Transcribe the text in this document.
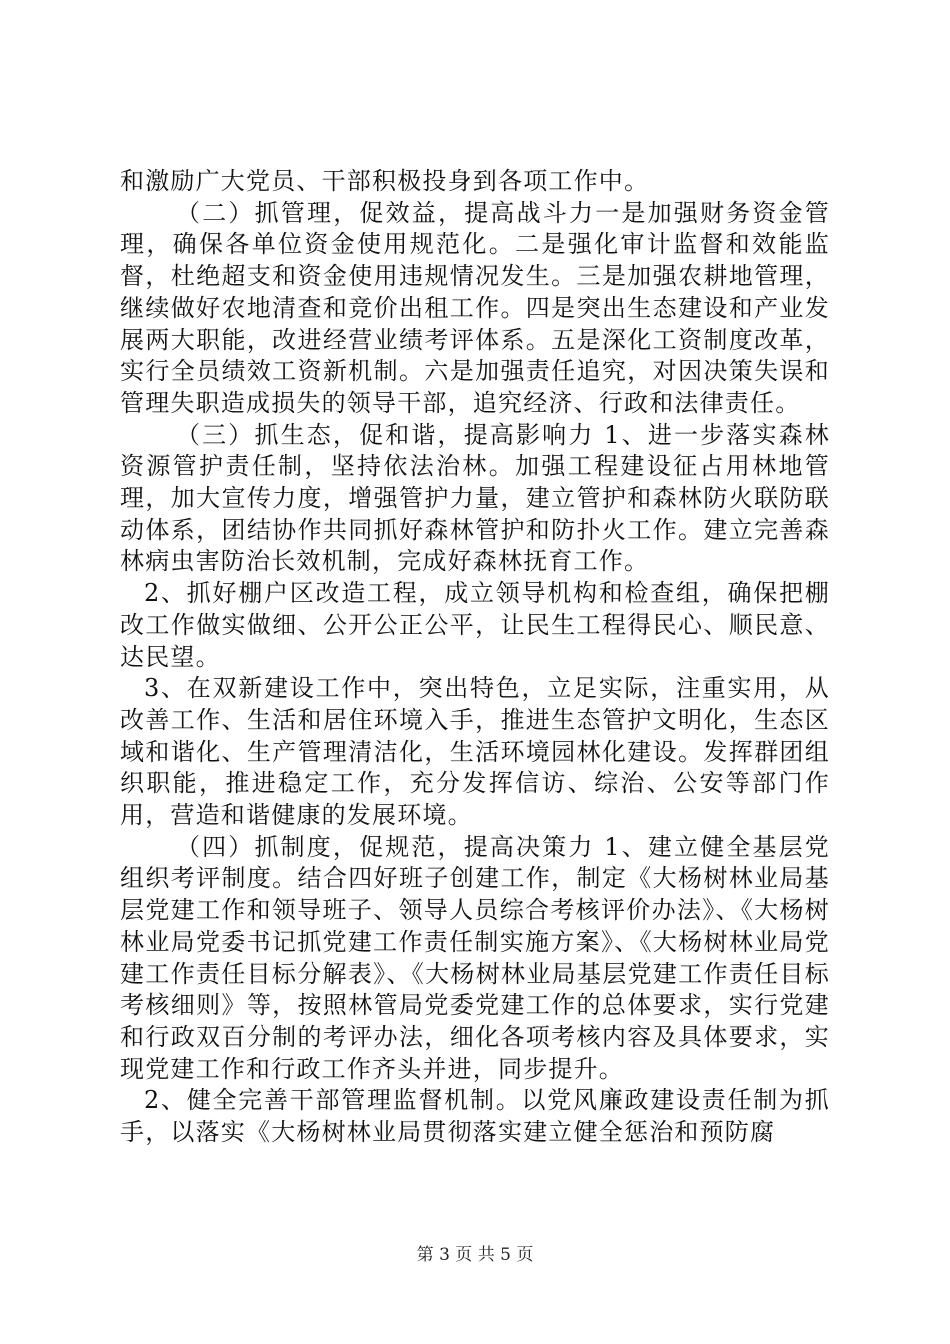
和激励广大党员、干部积极投身到各项工作中。

（二）抓管理，促效益，提高战斗力一是加强财务资金管理，确保各单位资金使用规范化。二是强化审计监督和效能监督，杜绝超支和资金使用违规情况发生。三是加强农耕地管理，继续做好农地清查和竞价出租工作。四是突出生态建设和产业发展两大职能，改进经营业绩考评体系。五是深化工资制度改革，实行全员绩效工资新机制。六是加强责任追究，对因决策失误和管理失职造成损失的领导干部，追究经济、行政和法律责任。

（三）抓生态，促和谐，提高影响力 1、进一步落实森林资源管护责任制，坚持依法治林。加强工程建设征占用林地管理，加大宣传力度，增强管护力量，建立管护和森林防火联防联动体系，团结协作共同抓好森林管护和防扑火工作。建立完善森林病虫害防治长效机制，完成好森林抚育工作。

2、抓好棚户区改造工程，成立领导机构和检查组，确保把棚改工作做实做细、公开公正公平，让民生工程得民心、顺民意、达民望。

3、在双新建设工作中，突出特色，立足实际，注重实用，从改善工作、生活和居住环境入手，推进生态管护文明化，生态区域和谐化、生产管理清洁化，生活环境园林化建设。发挥群团组织职能，推进稳定工作，充分发挥信访、综治、公安等部门作用，营造和谐健康的发展环境。

（四）抓制度，促规范，提高决策力 1、建立健全基层党组织考评制度。结合四好班子创建工作，制定《大杨树林业局基层党建工作和领导班子、领导人员综合考核评价办法》、《大杨树林业局党委书记抓党建工作责任制实施方案》、《大杨树林业局党建工作责任目标分解表》、《大杨树林业局基层党建工作责任目标考核细则》等，按照林管局党委党建工作的总体要求，实行党建和行政双百分制的考评办法，细化各项考核内容及具体要求，实现党建工作和行政工作齐头并进，同步提升。

2、健全完善干部管理监督机制。以党风廉政建设责任制为抓手，以落实《大杨树林业局贯彻落实建立健全惩治和预防腐

第 3 页 共 5 页
